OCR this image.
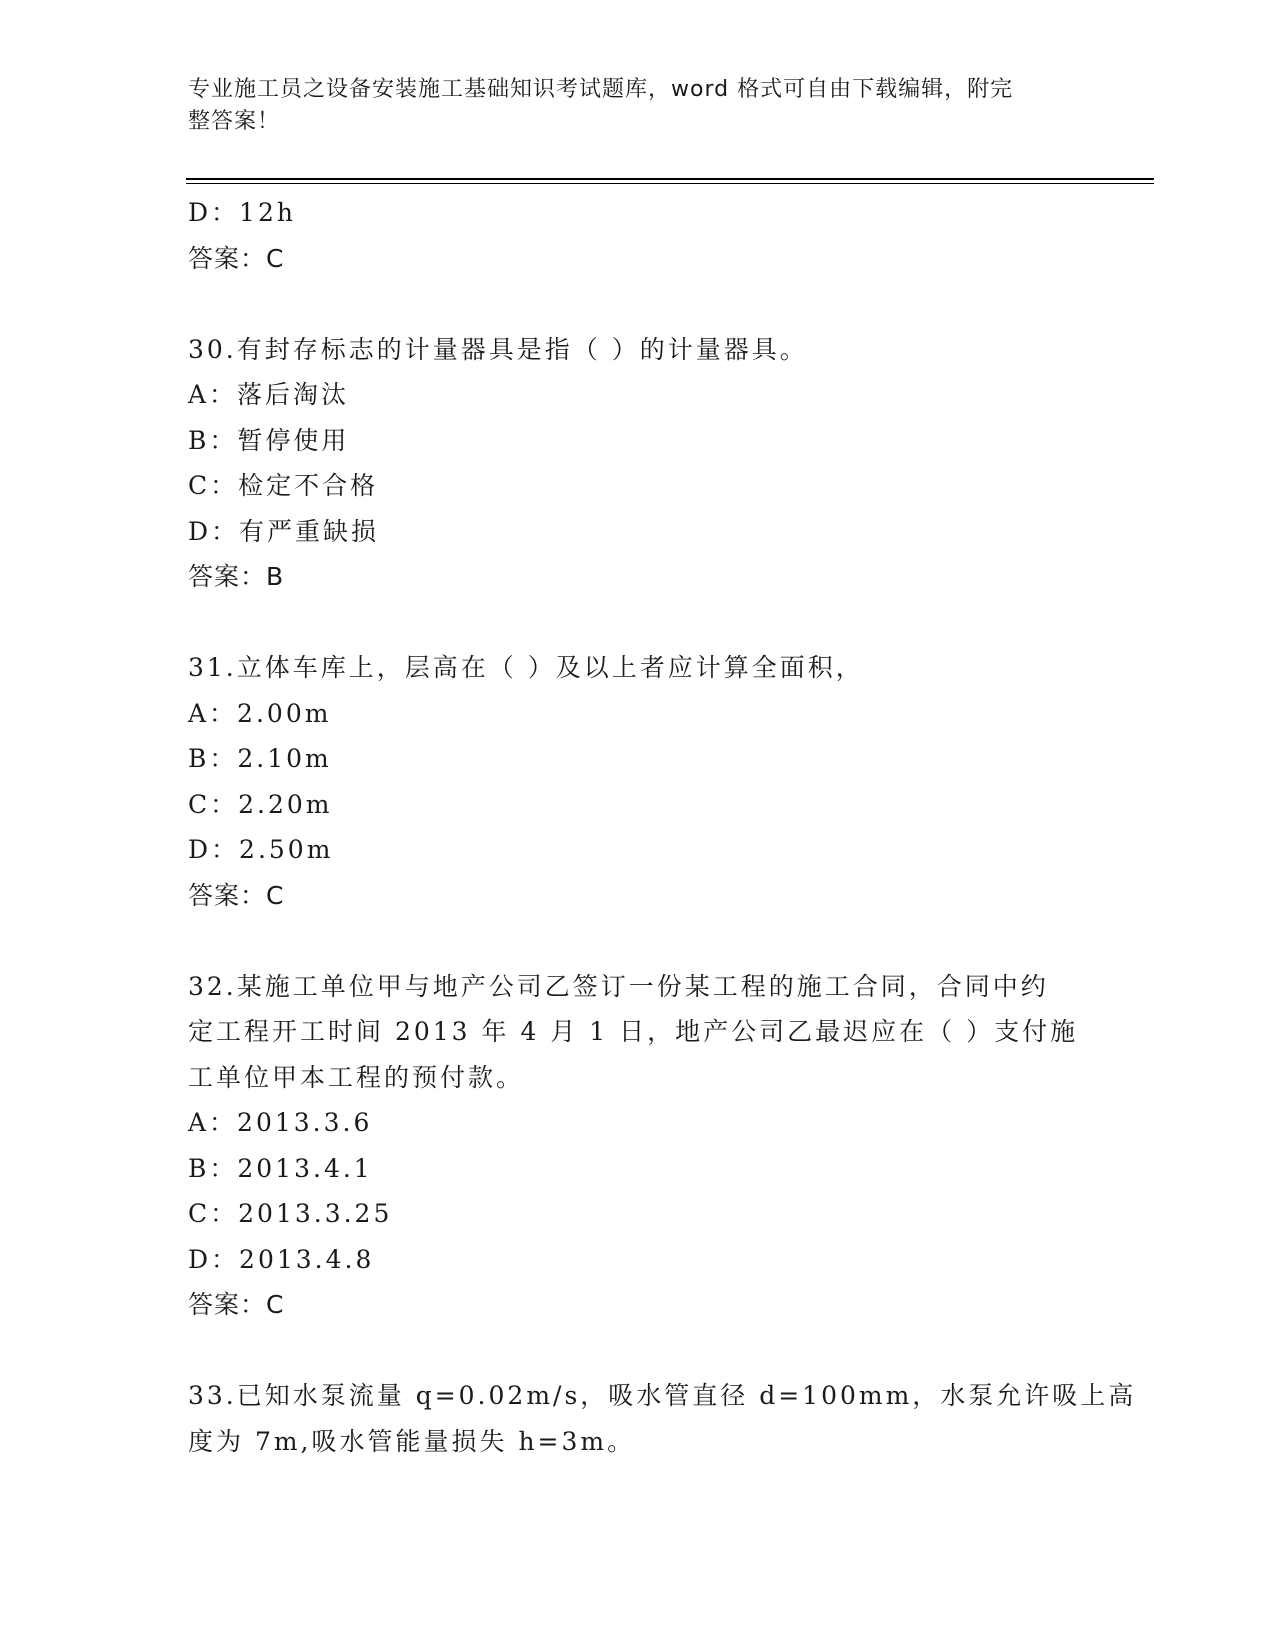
专业施工员之设备安装施工基础知识考试题库，word 格式可自由下载编辑，附完
整答案！
D：12h
答案：C
30.有封存标志的计量器具是指（ ）的计量器具。
A：落后淘汰
B：暂停使用
C：检定不合格
D：有严重缺损
答案：B
31.立体车库上，层高在（ ）及以上者应计算全面积，
A：2.00m
B：2.10m
C：2.20m
D：2.50m
答案：C
32.某施工单位甲与地产公司乙签订一份某工程的施工合同，合同中约
定工程开工时间 2013 年 4 月 1 日，地产公司乙最迟应在（ ）支付施
工单位甲本工程的预付款。
A：2013.3.6
B：2013.4.1
C：2013.3.25
D：2013.4.8
答案：C
33.已知水泵流量 q=0.02m/s，吸水管直径 d=100mm，水泵允许吸上高
度为 7m,吸水管能量损失 h=3m。
